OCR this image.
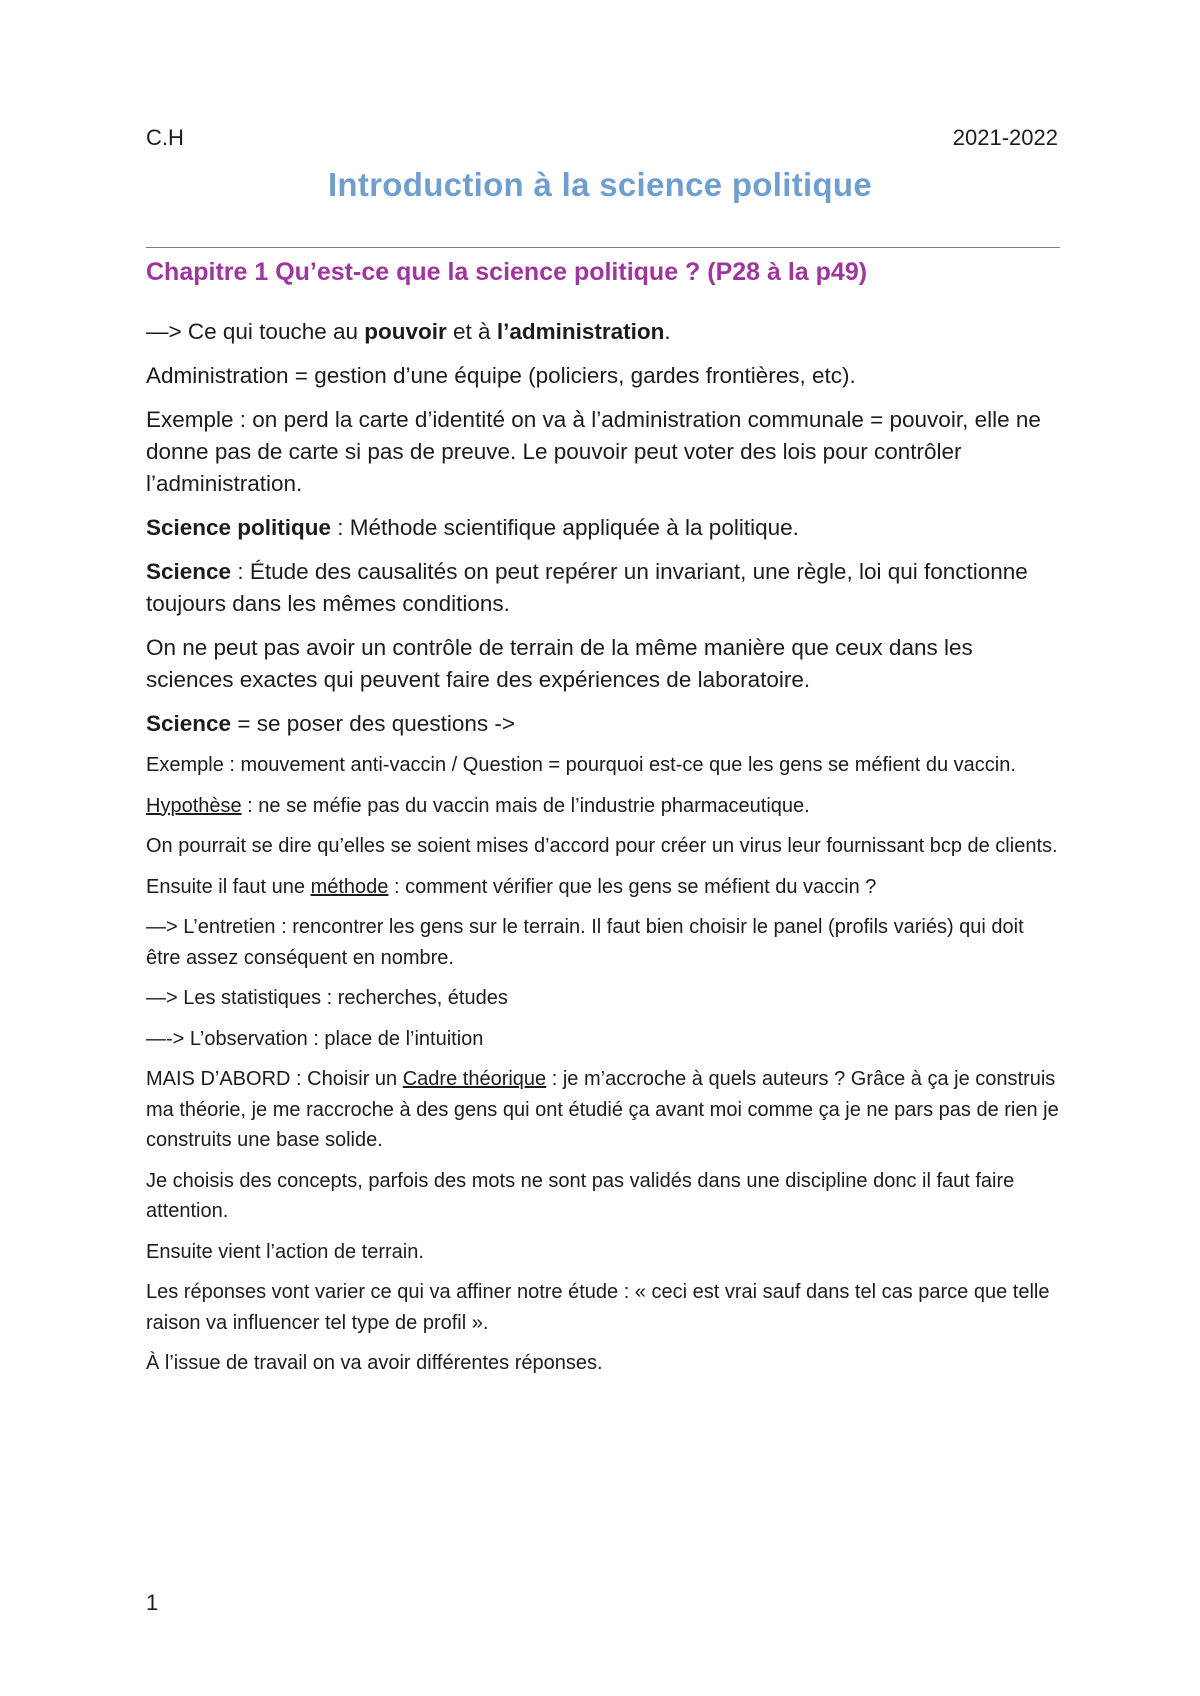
C.H	2021-2022
Introduction à la science politique
Chapitre 1 Qu’est-ce que la science politique ? (P28 à la p49)

—> Ce qui touche au pouvoir et à l’administration.

Administration = gestion d’une équipe (policiers, gardes frontières, etc).

Exemple : on perd la carte d’identité on va à l’administration communale = pouvoir, elle ne donne pas de carte si pas de preuve. Le pouvoir peut voter des lois pour contrôler l’administration.

Science politique : Méthode scientifique appliquée à la politique.

Science : Étude des causalités on peut repérer un invariant, une règle, loi qui fonctionne toujours dans les mêmes conditions.

On ne peut pas avoir un contrôle de terrain de la même manière que ceux dans les sciences exactes qui peuvent faire des expériences de laboratoire.

Science = se poser des questions ->

Exemple : mouvement anti-vaccin / Question = pourquoi est-ce que les gens se méfient du vaccin.

Hypothèse : ne se méfie pas du vaccin mais de l’industrie pharmaceutique.

On pourrait se dire qu’elles se soient mises d’accord pour créer un virus leur fournissant bcp de clients.

Ensuite il faut une méthode : comment vérifier que les gens se méfient du vaccin ?

—> L’entretien : rencontrer les gens sur le terrain. Il faut bien choisir le panel (profils variés) qui doit être assez conséquent en nombre.

—> Les statistiques : recherches, études

—-> L’observation : place de l’intuition

MAIS D’ABORD : Choisir un Cadre théorique : je m’accroche à quels auteurs ? Grâce à ça je construis ma théorie, je me raccroche à des gens qui ont étudié ça avant moi comme ça je ne pars pas de rien je construits une base solide.

Je choisis des concepts, parfois des mots ne sont pas validés dans une discipline donc il faut faire attention.

Ensuite vient l’action de terrain.

Les réponses vont varier ce qui va affiner notre étude : « ceci est vrai sauf dans tel cas parce que telle raison va influencer tel type de profil ».

À l’issue de travail on va avoir différentes réponses.

1
